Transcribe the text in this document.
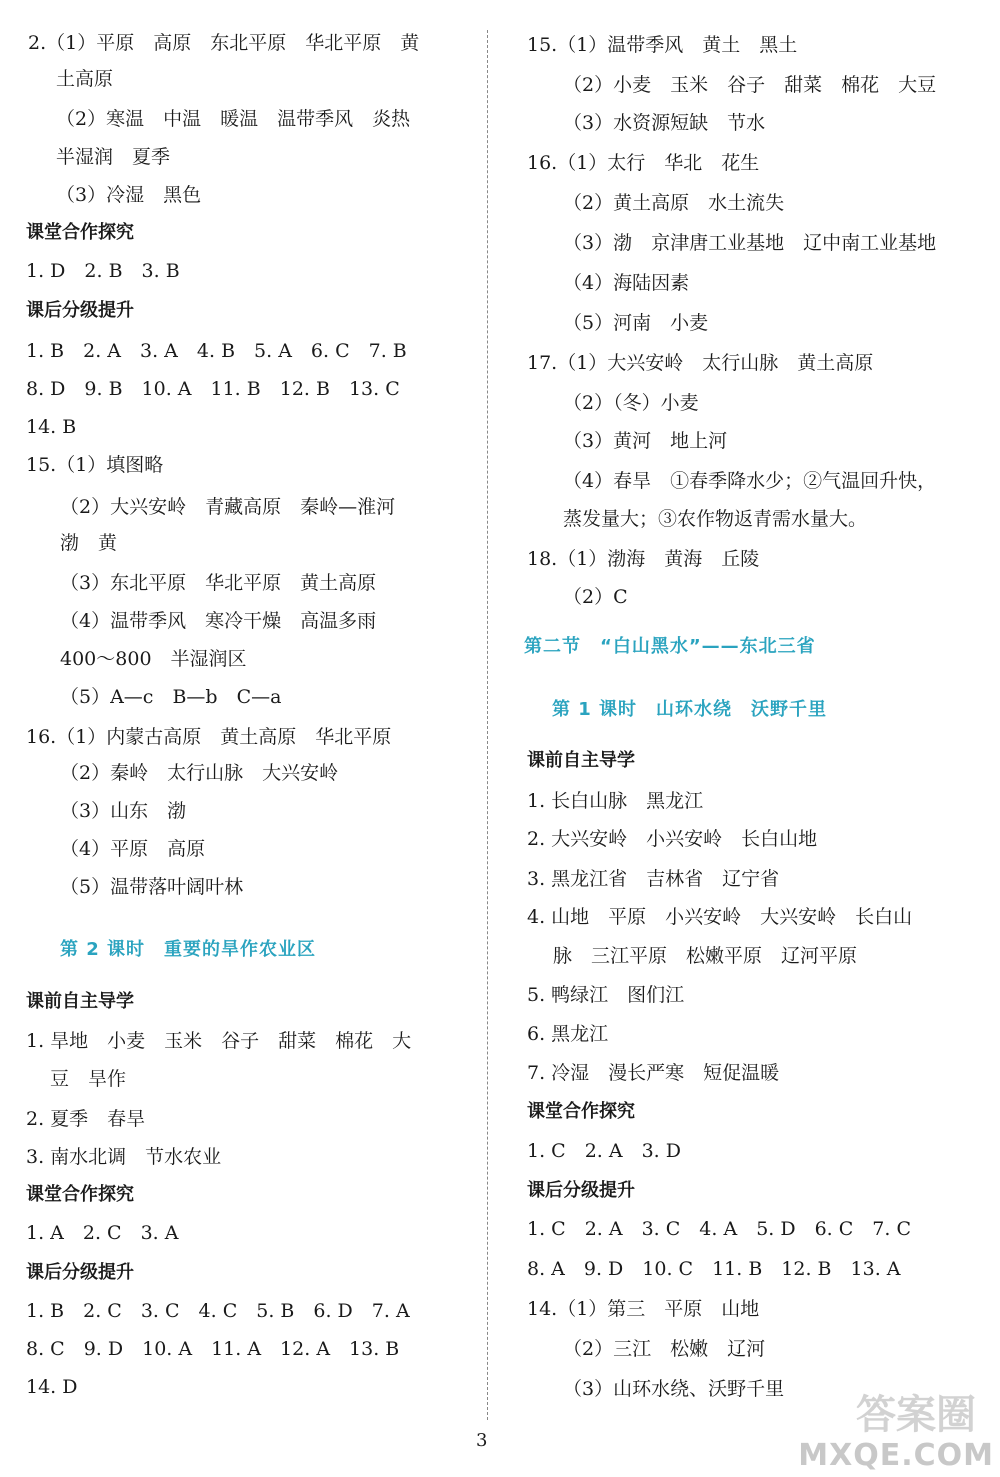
2.（1）平原　高原　东北平原　华北平原　黄
土高原
（2）寒温　中温　暖温　温带季风　炎热
半湿润　夏季
（3）冷湿　黑色
课堂合作探究
1. D　2. B　3. B
课后分级提升
1. B　2. A　3. A　4. B　5. A　6. C　7. B
8. D　9. B　10. A　11. B　12. B　13. C
14. B
15.（1）填图略
（2）大兴安岭　青藏高原　秦岭—淮河
渤　黄
（3）东北平原　华北平原　黄土高原
（4）温带季风　寒冷干燥　高温多雨
400～800　半湿润区
（5）A—c　B—b　C—a
16.（1）内蒙古高原　黄土高原　华北平原
（2）秦岭　太行山脉　大兴安岭
（3）山东　渤
（4）平原　高原
（5）温带落叶阔叶林
第 2 课时　重要的旱作农业区
课前自主导学
1. 旱地　小麦　玉米　谷子　甜菜　棉花　大
豆　旱作
2. 夏季　春旱
3. 南水北调　节水农业
课堂合作探究
1. A　2. C　3. A
课后分级提升
1. B　2. C　3. C　4. C　5. B　6. D　7. A
8. C　9. D　10. A　11. A　12. A　13. B
14. D
15.（1）温带季风　黄土　黑土
（2）小麦　玉米　谷子　甜菜　棉花　大豆
（3）水资源短缺　节水
16.（1）太行　华北　花生
（2）黄土高原　水土流失
（3）渤　京津唐工业基地　辽中南工业基地
（4）海陆因素
（5）河南　小麦
17.（1）大兴安岭　太行山脉　黄土高原
（2）（冬）小麦
（3）黄河　地上河
（4）春旱　①春季降水少；②气温回升快，
蒸发量大；③农作物返青需水量大。
18.（1）渤海　黄海　丘陵
（2）C
第二节　“白山黑水”——东北三省
第 1 课时　山环水绕　沃野千里
课前自主导学
1. 长白山脉　黑龙江
2. 大兴安岭　小兴安岭　长白山地
3. 黑龙江省　吉林省　辽宁省
4. 山地　平原　小兴安岭　大兴安岭　长白山
脉　三江平原　松嫩平原　辽河平原
5. 鸭绿江　图们江
6. 黑龙江
7. 冷湿　漫长严寒　短促温暖
课堂合作探究
1. C　2. A　3. D
课后分级提升
1. C　2. A　3. C　4. A　5. D　6. C　7. C
8. A　9. D　10. C　11. B　12. B　13. A
14.（1）第三　平原　山地
（2）三江　松嫩　辽河
（3）山环水绕、沃野千里
3
答案圈
MXQE.COM
